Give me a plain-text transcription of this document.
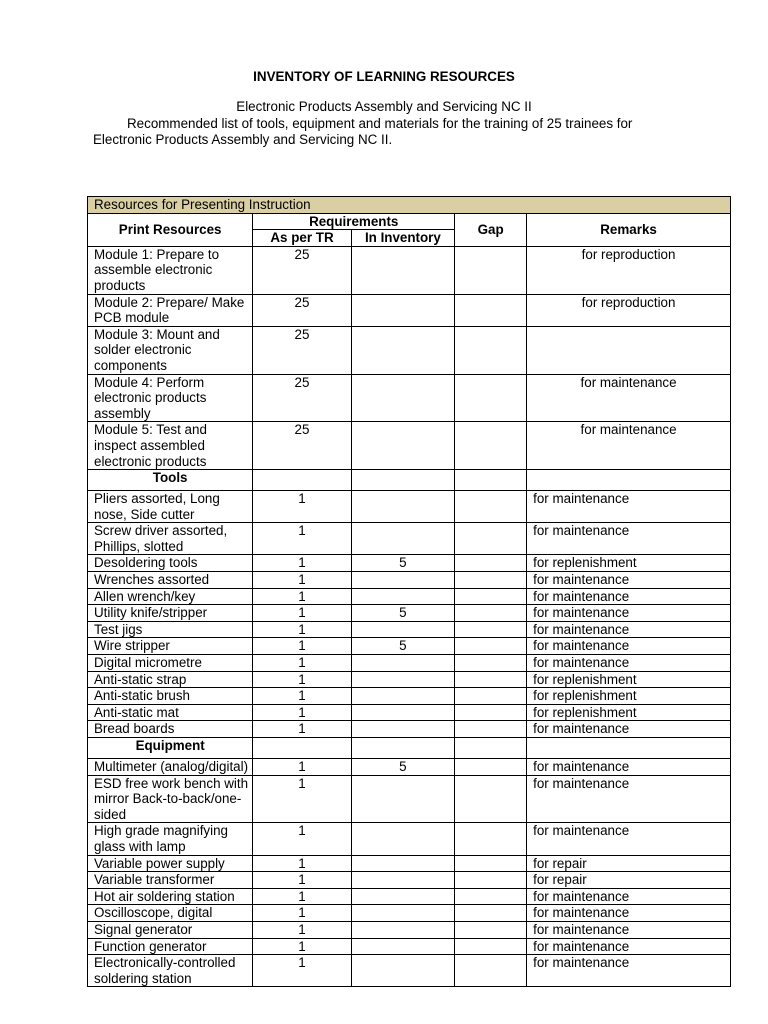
INVENTORY OF LEARNING RESOURCES
Electronic Products Assembly and Servicing NC II
Recommended list of tools, equipment and materials for the training of 25 trainees for Electronic Products Assembly and Servicing NC II.
Resources for Presenting Instruction				
Print Resources	Requirements		Gap	Remarks
	As per TR	In Inventory		
Module 1: Prepare to assemble electronic products	25			for reproduction
Module 2: Prepare/ Make PCB module	25			for reproduction
Module 3: Mount and solder electronic components	25			
Module 4: Perform electronic products assembly	25			for maintenance
Module 5: Test and inspect assembled electronic products	25			for maintenance
Tools				
Pliers assorted, Long nose, Side cutter	1			for maintenance
Screw driver assorted, Phillips, slotted	1			for maintenance
Desoldering tools	1	5		for replenishment
Wrenches assorted	1			for maintenance
Allen wrench/key	1			for maintenance
Utility knife/stripper	1	5		for maintenance
Test jigs	1			for maintenance
Wire stripper	1	5		for maintenance
Digital micrometre	1			for maintenance
Anti-static strap	1			for replenishment
Anti-static brush	1			for replenishment
Anti-static mat	1			for replenishment
Bread boards	1			for maintenance
Equipment				
Multimeter (analog/digital)	1	5		for maintenance
ESD free work bench with mirror Back-to-back/one-sided	1			for maintenance
High grade magnifying glass with lamp	1			for maintenance
Variable power supply	1			for repair
Variable transformer	1			for repair
Hot air soldering station	1			for maintenance
Oscilloscope, digital	1			for maintenance
Signal generator	1			for maintenance
Function generator	1			for maintenance
Electronically-controlled soldering station	1			for maintenance
